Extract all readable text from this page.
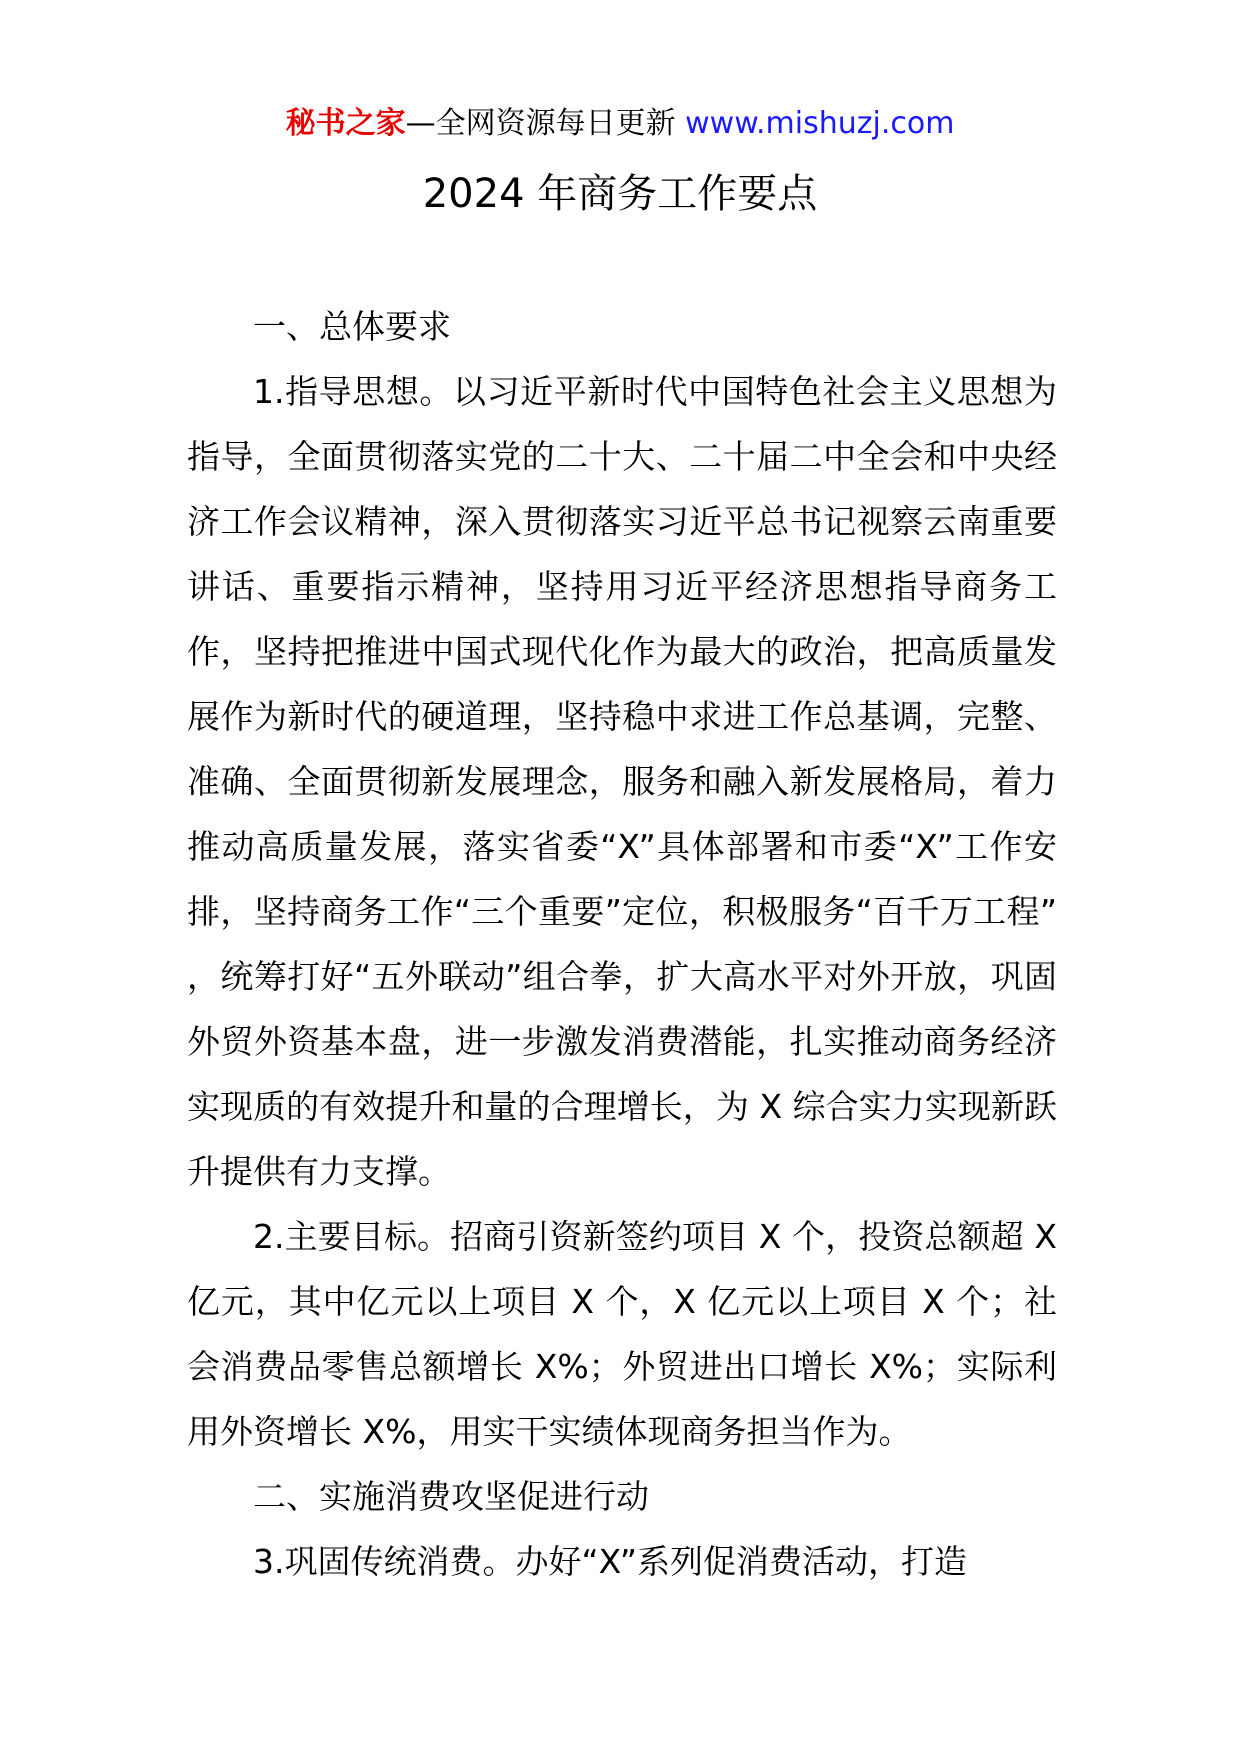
秘书之家—全网资源每日更新 www.mishuzj.com
2024 年商务工作要点

一、总体要求

1.指导思想。以习近平新时代中国特色社会主义思想为指导，全面贯彻落实党的二十大、二十届二中全会和中央经济工作会议精神，深入贯彻落实习近平总书记视察云南重要讲话、重要指示精神，坚持用习近平经济思想指导商务工作，坚持把推进中国式现代化作为最大的政治，把高质量发展作为新时代的硬道理，坚持稳中求进工作总基调，完整、准确、全面贯彻新发展理念，服务和融入新发展格局，着力推动高质量发展，落实省委“X”具体部署和市委“X”工作安排，坚持商务工作“三个重要”定位，积极服务“百千万工程” ，统筹打好“五外联动”组合拳，扩大高水平对外开放，巩固外贸外资基本盘，进一步激发消费潜能，扎实推动商务经济实现质的有效提升和量的合理增长，为 X 综合实力实现新跃升提供有力支撑。

2.主要目标。招商引资新签约项目 X 个，投资总额超 X 亿元，其中亿元以上项目 X 个，X 亿元以上项目 X 个；社会消费品零售总额增长 X%；外贸进出口增长 X%；实际利用外资增长 X%，用实干实绩体现商务担当作为。

二、实施消费攻坚促进行动

3.巩固传统消费。办好“X”系列促消费活动，打造
